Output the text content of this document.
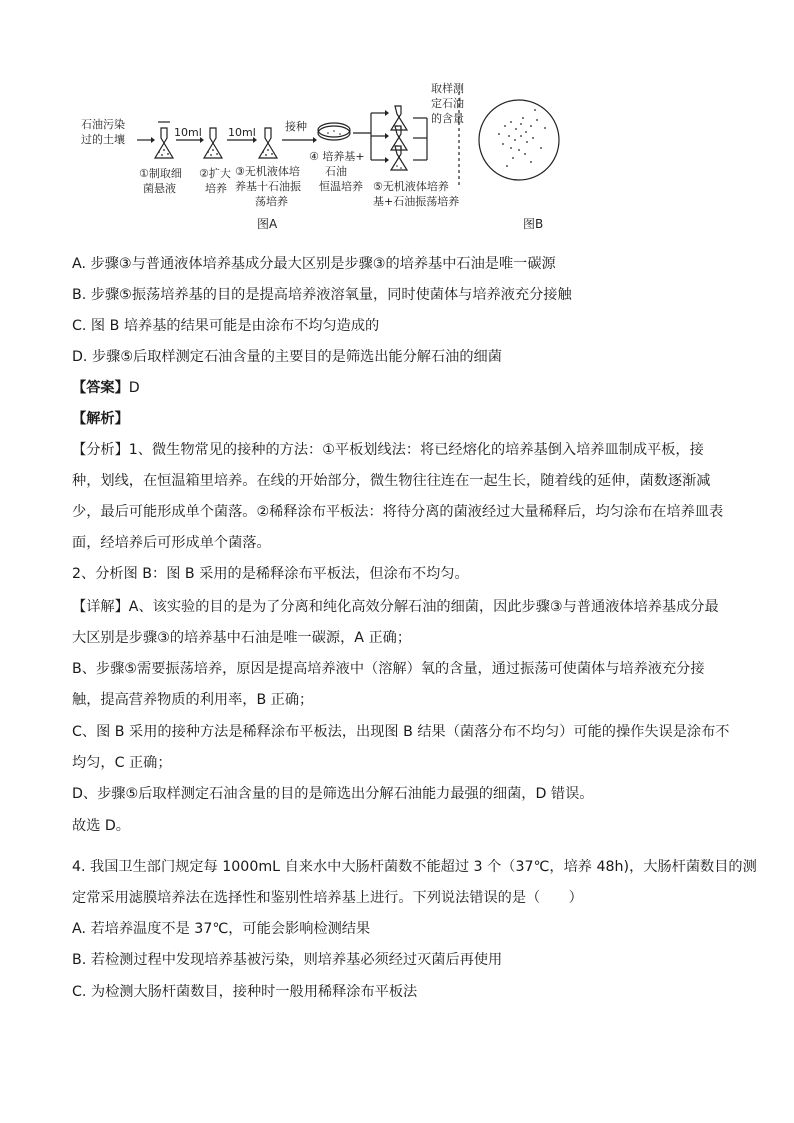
石油污染
过的土壤
10ml 10ml	接种
①制取细
菌悬液
②扩大
培养
③无机液体培
养基十石油振
荡培养
④ 培养基+
石油
恒温培养 ⑤无机液体培养
基+石油振荡培养
取样测
定石油
的含量
图A	图B
A. 步骤③与普通液体培养基成分最大区别是步骤③的培养基中石油是唯一碳源
B. 步骤⑤振荡培养基的目的是提高培养液溶氧量，同时使菌体与培养液充分接触
C. 图 B 培养基的结果可能是由涂布不均匀造成的
D. 步骤⑤后取样测定石油含量的主要目的是筛选出能分解石油的细菌
【答案】D
【解析】
【分析】1、微生物常见的接种的方法：①平板划线法：将已经熔化的培养基倒入培养皿制成平板，接
种，划线，在恒温箱里培养。在线的开始部分，微生物往往连在一起生长，随着线的延伸，菌数逐渐减
少，最后可能形成单个菌落。②稀释涂布平板法：将待分离的菌液经过大量稀释后，均匀涂布在培养皿表
面，经培养后可形成单个菌落。
2、分析图 B：图 B 采用的是稀释涂布平板法，但涂布不均匀。
【详解】A、该实验的目的是为了分离和纯化高效分解石油的细菌，因此步骤③与普通液体培养基成分最
大区别是步骤③的培养基中石油是唯一碳源，A 正确；
B、步骤⑤需要振荡培养，原因是提高培养液中（溶解）氧的含量，通过振荡可使菌体与培养液充分接
触，提高营养物质的利用率，B 正确；
C、图 B 采用的接种方法是稀释涂布平板法，出现图 B 结果（菌落分布不均匀）可能的操作失误是涂布不
均匀，C 正确；
D、步骤⑤后取样测定石油含量的目的是筛选出分解石油能力最强的细菌，D 错误。
故选 D。
4. 我国卫生部门规定每 1000mL 自来水中大肠杆菌数不能超过 3 个（37℃，培养 48h)，大肠杆菌数目的测
定常采用滤膜培养法在选择性和鉴别性培养基上进行。下列说法错误的是（　　）
A. 若培养温度不是 37℃，可能会影响检测结果
B. 若检测过程中发现培养基被污染，则培养基必须经过灭菌后再使用
C. 为检测大肠杆菌数目，接种时一般用稀释涂布平板法
